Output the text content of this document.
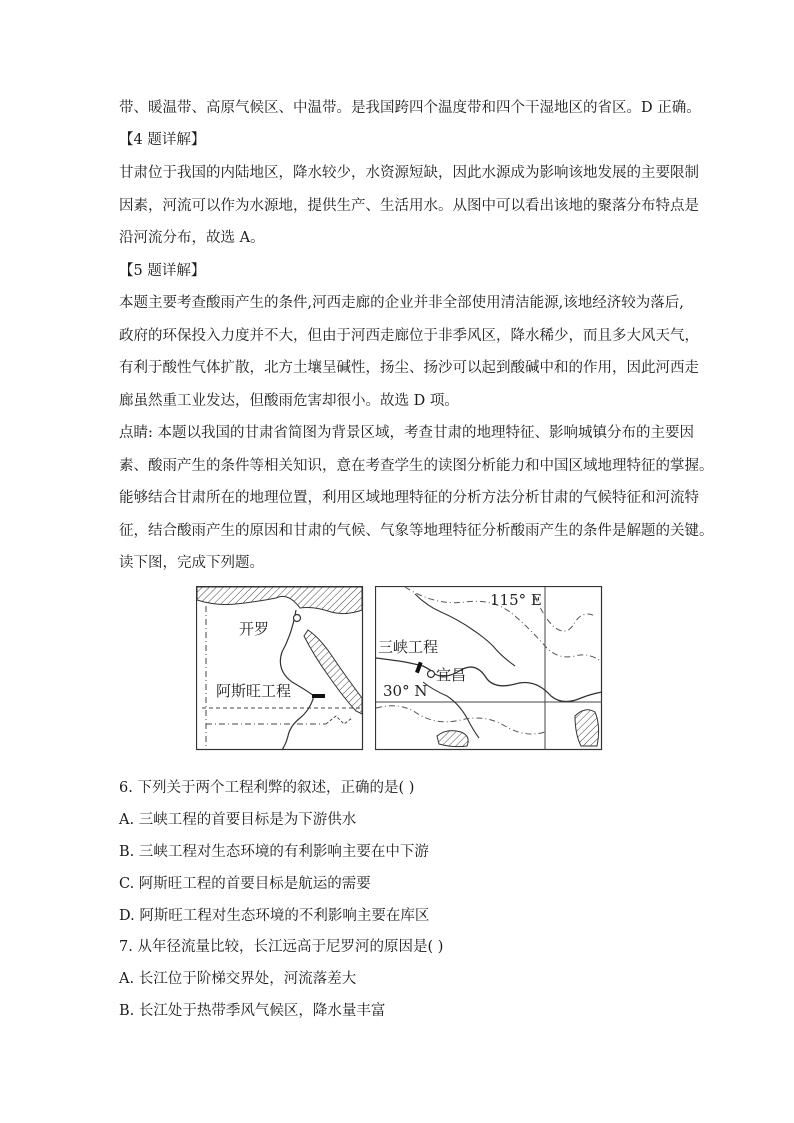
带、暖温带、高原气候区、中温带。是我国跨四个温度带和四个干湿地区的省区。D 正确。
【4 题详解】
甘肃位于我国的内陆地区，降水较少，水资源短缺，因此水源成为影响该地发展的主要限制
因素，河流可以作为水源地，提供生产、生活用水。从图中可以看出该地的聚落分布特点是
沿河流分布，故选 A。
【5 题详解】
本题主要考查酸雨产生的条件,河西走廊的企业并非全部使用清洁能源,该地经济较为落后,
政府的环保投入力度并不大，但由于河西走廊位于非季风区，降水稀少，而且多大风天气，
有利于酸性气体扩散，北方土壤呈碱性，扬尘、扬沙可以起到酸碱中和的作用，因此河西走
廊虽然重工业发达，但酸雨危害却很小。故选 D 项。
点睛: 本题以我国的甘肃省简图为背景区域，考查甘肃的地理特征、影响城镇分布的主要因
素、酸雨产生的条件等相关知识，意在考查学生的读图分析能力和中国区域地理特征的掌握。
能够结合甘肃所在的地理位置，利用区域地理特征的分析方法分析甘肃的气候特征和河流特
征，结合酸雨产生的原因和甘肃的气候、气象等地理特征分析酸雨产生的条件是解题的关键。
读下图，完成下列题。
开罗
阿斯旺工程
115° E
三峡工程
宜昌
30° N
6. 下列关于两个工程利弊的叙述，正确的是( )
A. 三峡工程的首要目标是为下游供水
B. 三峡工程对生态环境的有利影响主要在中下游
C. 阿斯旺工程的首要目标是航运的需要
D. 阿斯旺工程对生态环境的不利影响主要在库区
7. 从年径流量比较，长江远高于尼罗河的原因是( )
A. 长江位于阶梯交界处，河流落差大
B. 长江处于热带季风气候区，降水量丰富
